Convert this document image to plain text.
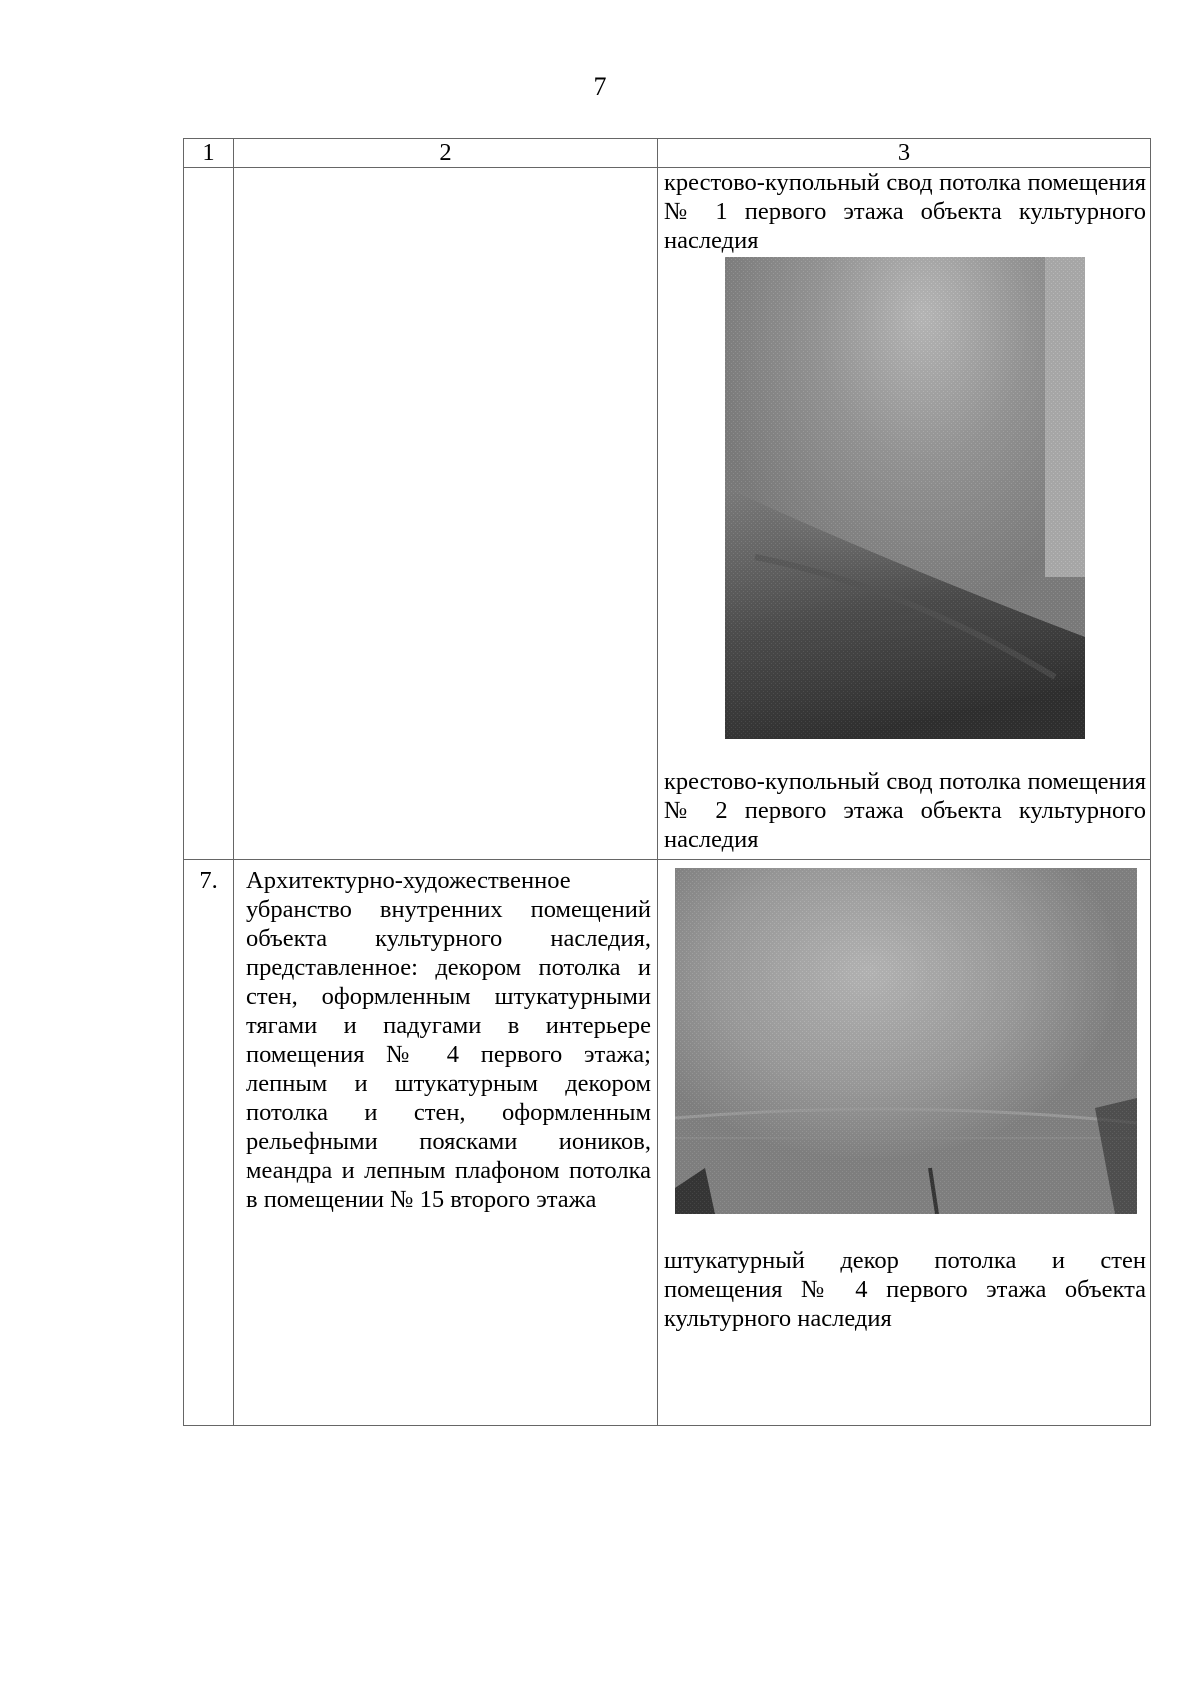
7
1	2	3

		крестово-купольный свод потолка помещения № 1 первого этажа объекта культурного наследия

крестово-купольный свод потолка помещения № 2 первого этажа объекта культурного наследия

7.	Архитектурно-художественное убранство внутренних помещений объекта культурного наследия, представленное: декором потолка и стен, оформленным штукатурными тягами и падугами в интерьере помещения № 4 первого этажа; лепным и штукатурным декором потолка и стен, оформленным рельефными поясками иоников, меандра и лепным плафоном потолка в помещении № 15 второго этажа	штукатурный декор потолка и стен помещения № 4 первого этажа объекта культурного наследия
